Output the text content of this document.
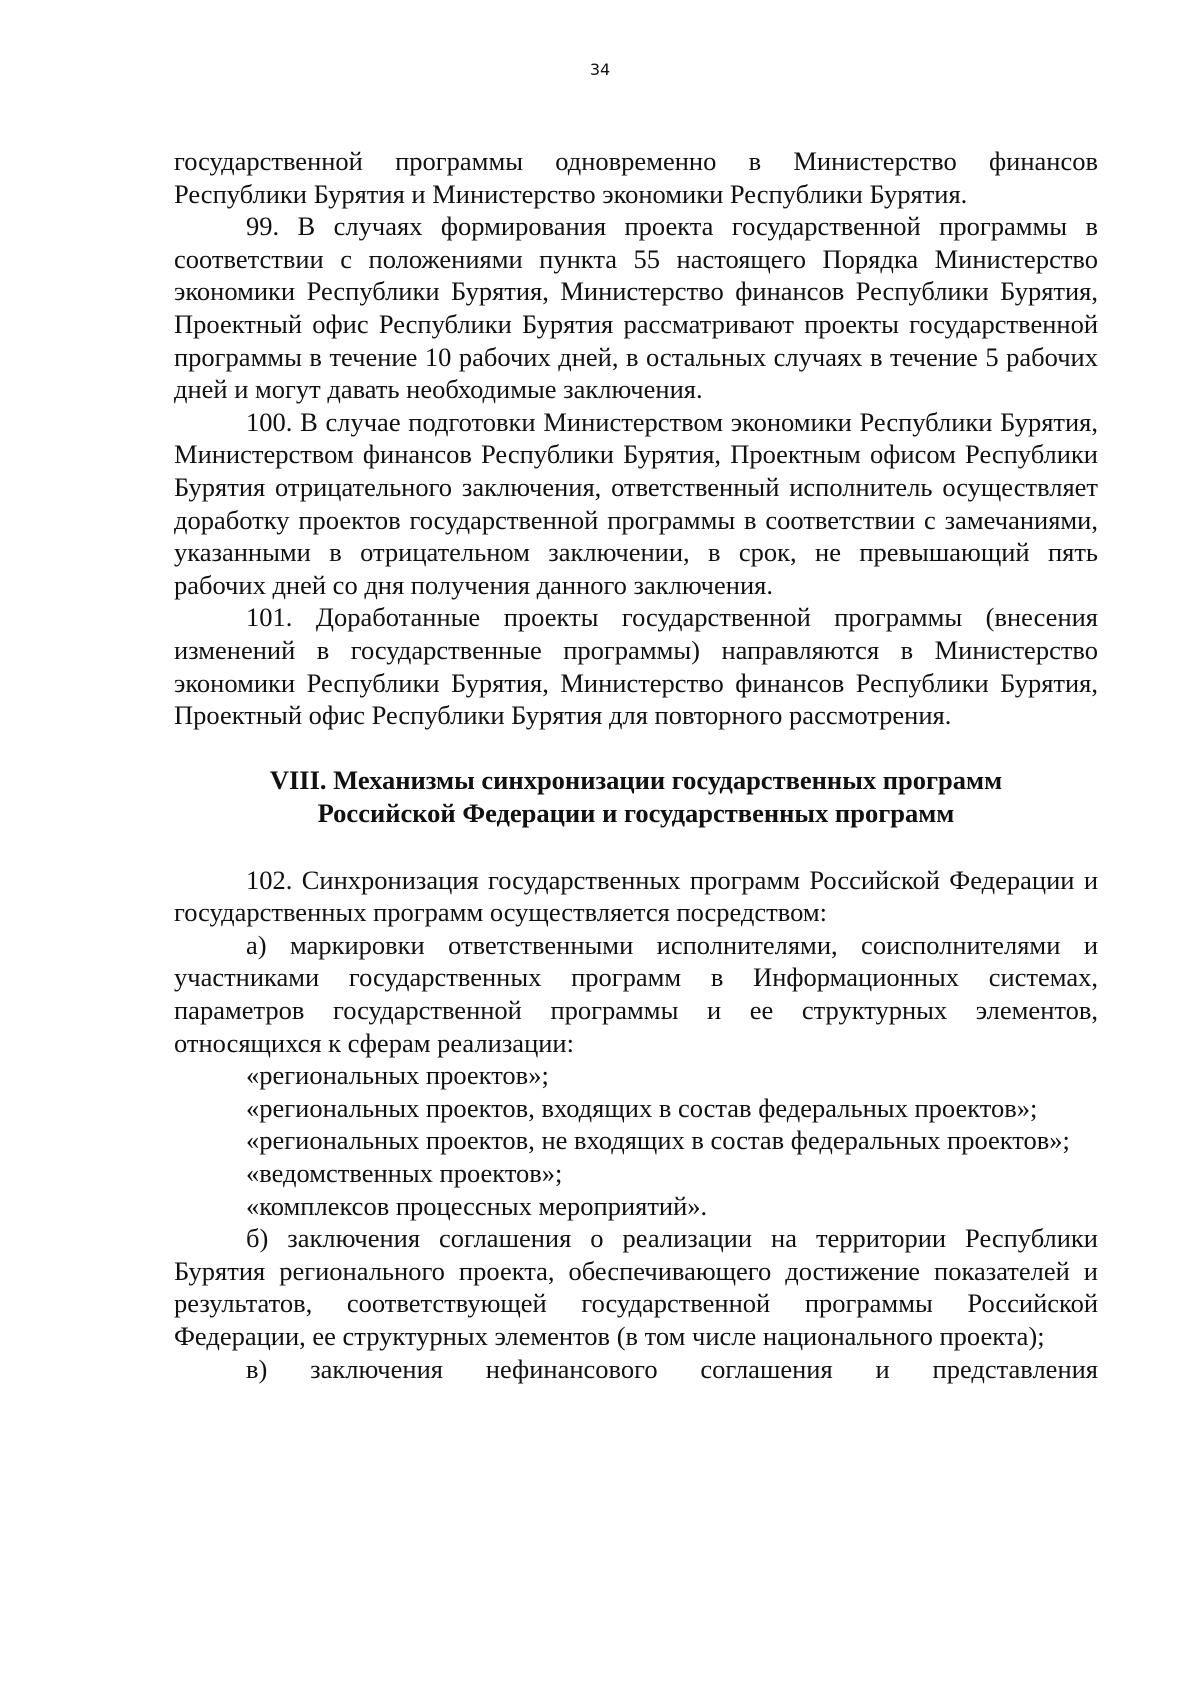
34

государственной программы одновременно в Министерство финансов Республики Бурятия и Министерство экономики Республики Бурятия.

99. В случаях формирования проекта государственной программы в соответствии с положениями пункта 55 настоящего Порядка Министерство экономики Республики Бурятия, Министерство финансов Республики Бурятия, Проектный офис Республики Бурятия рассматривают проекты государственной программы в течение 10 рабочих дней, в остальных случаях в течение 5 рабочих дней и могут давать необходимые заключения.

100. В случае подготовки Министерством экономики Республики Бурятия, Министерством финансов Республики Бурятия, Проектным офисом Республики Бурятия отрицательного заключения, ответственный исполнитель осуществляет доработку проектов государственной программы в соответствии с замечаниями, указанными в отрицательном заключении, в срок, не превышающий пять рабочих дней со дня получения данного заключения.

101. Доработанные проекты государственной программы (внесения изменений в государственные программы) направляются в Министерство экономики Республики Бурятия, Министерство финансов Республики Бурятия, Проектный офис Республики Бурятия для повторного рассмотрения.

VIII. Механизмы синхронизации государственных программ
Российской Федерации и государственных программ

102. Синхронизация государственных программ Российской Федерации и государственных программ осуществляется посредством:

а) маркировки ответственными исполнителями, соисполнителями и участниками государственных программ в Информационных системах, параметров государственной программы и ее структурных элементов, относящихся к сферам реализации:

«региональных проектов»;

«региональных проектов, входящих в состав федеральных проектов»;

«региональных проектов, не входящих в состав федеральных проектов»;

«ведомственных проектов»;

«комплексов процессных мероприятий».

б) заключения соглашения о реализации на территории Республики Бурятия регионального проекта, обеспечивающего достижение показателей и результатов, соответствующей государственной программы Российской Федерации, ее структурных элементов (в том числе национального проекта);

в) заключения нефинансового соглашения и представления
